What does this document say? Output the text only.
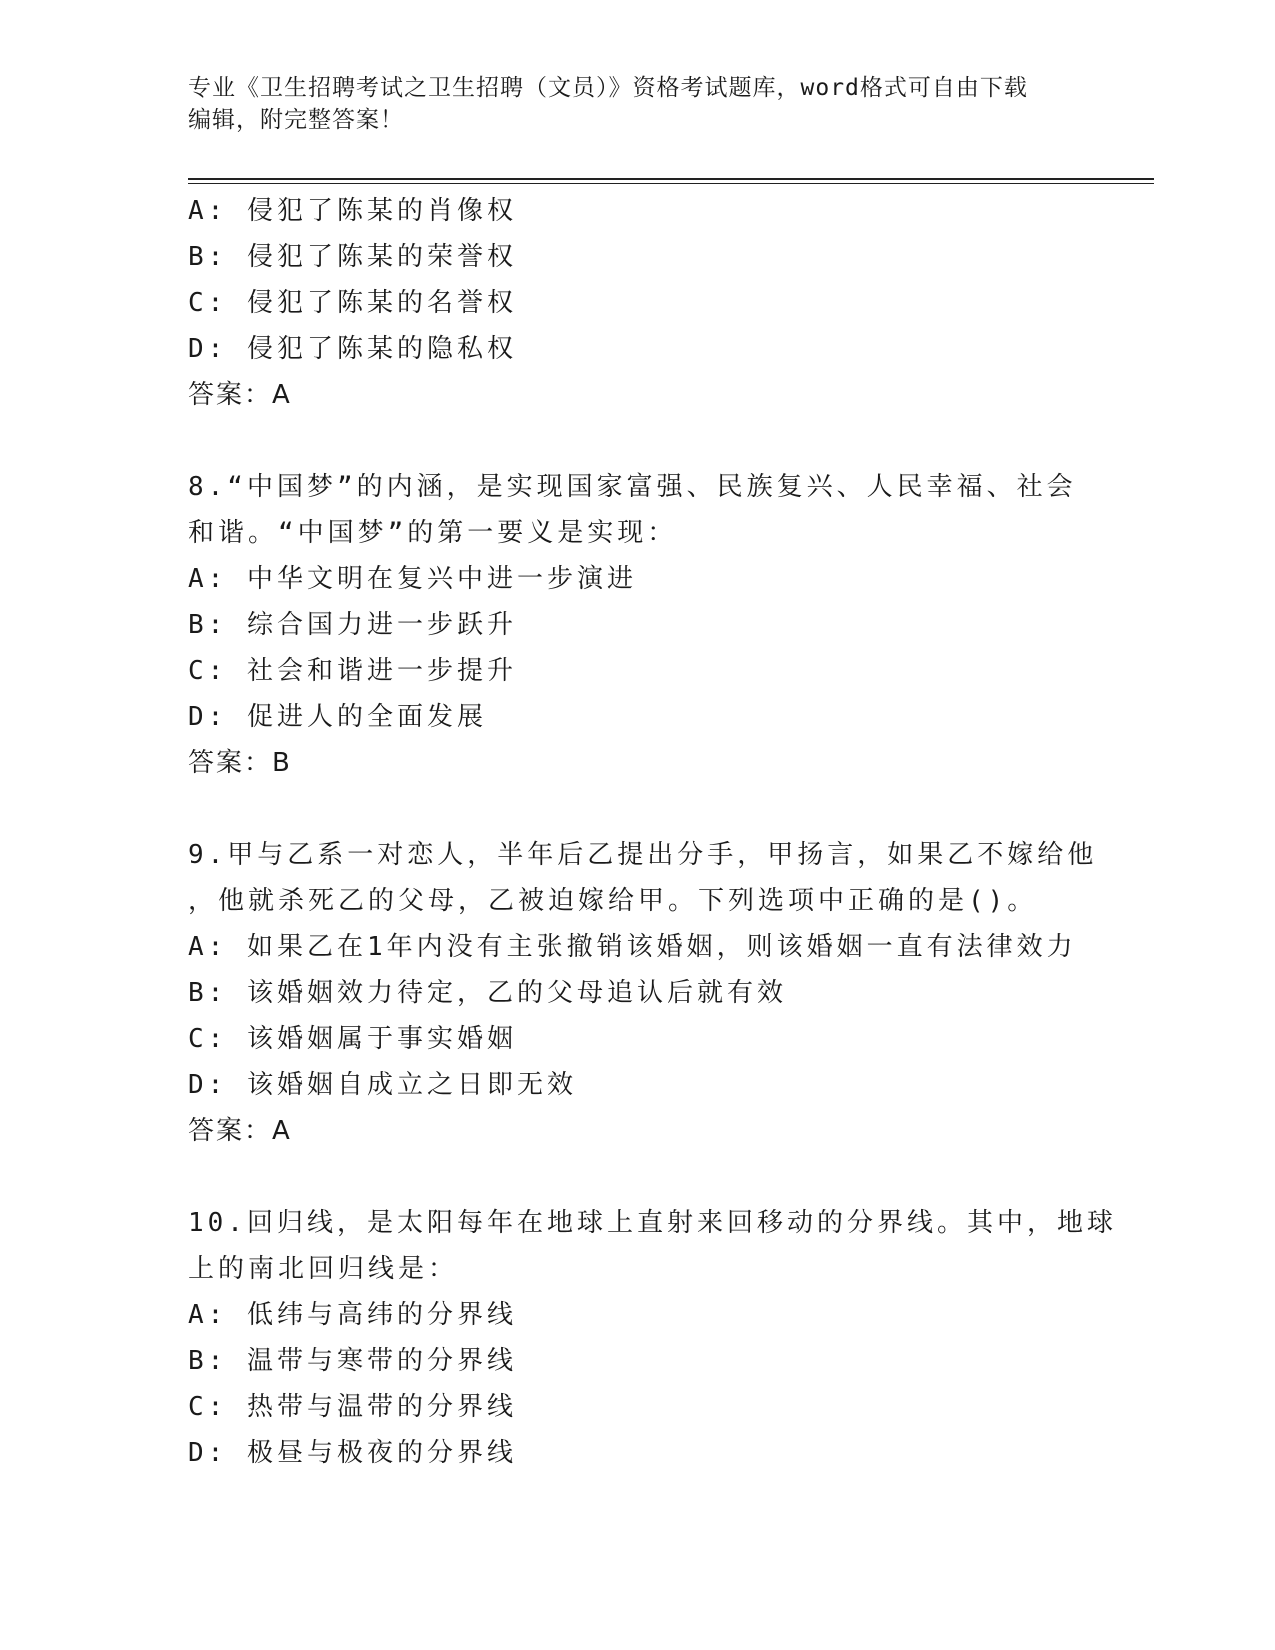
专业《卫生招聘考试之卫生招聘（文员）》资格考试题库，word格式可自由下载
编辑，附完整答案！
A: 侵犯了陈某的肖像权
B: 侵犯了陈某的荣誉权
C: 侵犯了陈某的名誉权
D: 侵犯了陈某的隐私权
答案：A
8.“中国梦”的内涵，是实现国家富强、民族复兴、人民幸福、社会
和谐。“中国梦”的第一要义是实现：
A: 中华文明在复兴中进一步演进
B: 综合国力进一步跃升
C: 社会和谐进一步提升
D: 促进人的全面发展
答案：B
9.甲与乙系一对恋人，半年后乙提出分手，甲扬言，如果乙不嫁给他
，他就杀死乙的父母，乙被迫嫁给甲。下列选项中正确的是()。
A: 如果乙在1年内没有主张撤销该婚姻，则该婚姻一直有法律效力
B: 该婚姻效力待定，乙的父母追认后就有效
C: 该婚姻属于事实婚姻
D: 该婚姻自成立之日即无效
答案：A
10.回归线，是太阳每年在地球上直射来回移动的分界线。其中，地球
上的南北回归线是：
A: 低纬与高纬的分界线
B: 温带与寒带的分界线
C: 热带与温带的分界线
D: 极昼与极夜的分界线
